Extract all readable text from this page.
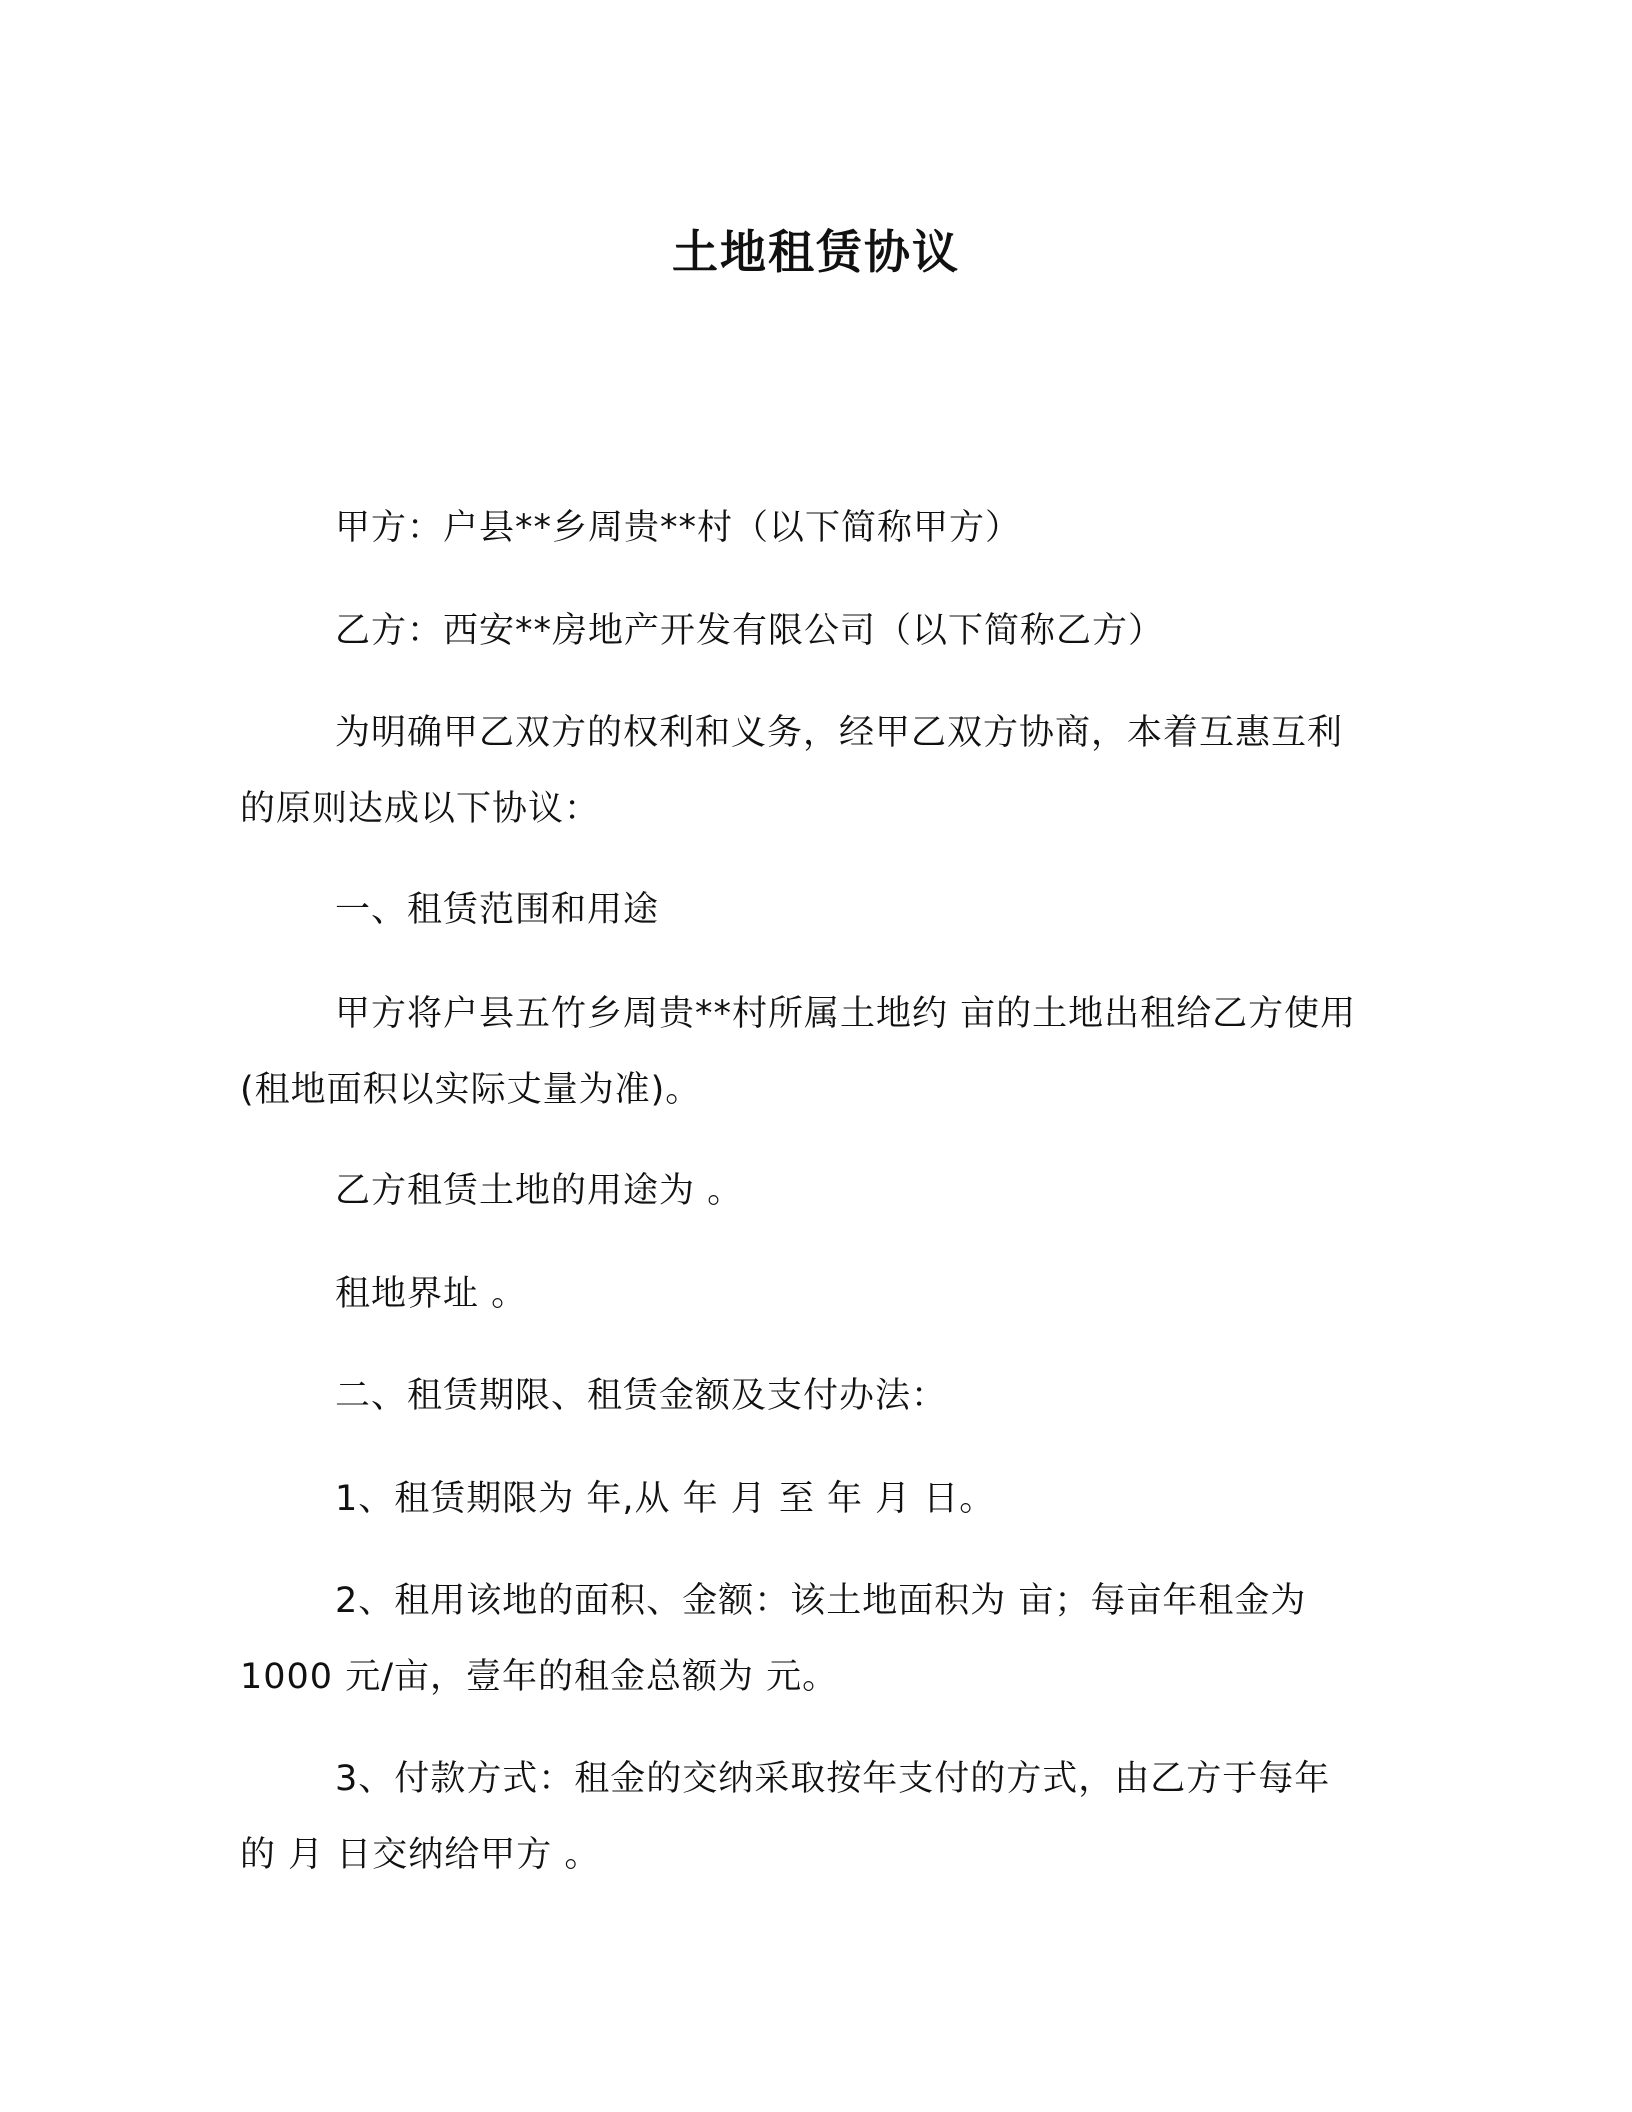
土地租赁协议
甲方：户县**乡周贵**村（以下简称甲方）
乙方：西安**房地产开发有限公司（以下简称乙方）
为明确甲乙双方的权利和义务，经甲乙双方协商，本着互惠互利
的原则达成以下协议：
一、租赁范围和用途
甲方将户县五竹乡周贵**村所属土地约 亩的土地出租给乙方使用
(租地面积以实际丈量为准)。
乙方租赁土地的用途为 。
租地界址 。
二、租赁期限、租赁金额及支付办法：
1、租赁期限为 年,从 年 月 至 年 月 日。
2、租用该地的面积、金额：该土地面积为 亩；每亩年租金为
1000 元/亩，壹年的租金总额为 元。
3、付款方式：租金的交纳采取按年支付的方式，由乙方于每年
的 月 日交纳给甲方 。
